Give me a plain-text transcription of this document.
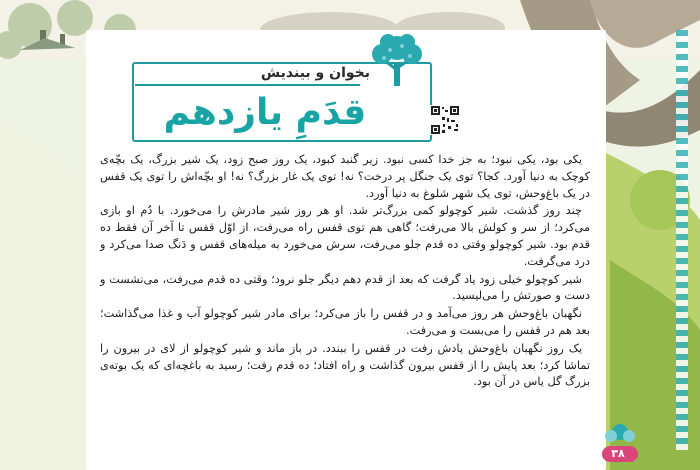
بخوان و بیندیش
قدَمِ یازدهم

یکی بود، یکی نبود؛ به جز خدا کسی نبود. زیر گنبد کبود، یک روز صبح زود، یک شیر بزرگ، یک بچّه‌ی کوچک به دنیا آورد. کجا؟ توی یک جنگل پر درخت؟ نه! توی یک غار بزرگ؟ نه! او بچّه‌اش را توی یک قفس در یک باغ‌وحش، توی یک شهر شلوغ به دنیا آورد.

چند روز گذشت. شیر کوچولو کمی بزرگ‌تر شد. او هر روز شیر مادرش را می‌خورد. با دُم او بازی می‌کرد؛ از سر و کولش بالا می‌رفت؛ گاهی هم توی قفس راه می‌رفت، از اوّل قفس تا آخر آن فقط ده قدم بود. شیر کوچولو وقتی ده قدم جلو می‌رفت، سرش می‌خورد به میله‌های قفس و دَنگ صدا می‌کرد و درد می‌گرفت.

شیر کوچولو خیلی زود یاد گرفت که بعد از قدم دهم دیگر جلو نرود؛ وقتی ده قدم می‌رفت، می‌نشست و دست و صورتش را می‌لیسید.

نگهبان باغ‌وحش هر روز می‌آمد و در قفس را باز می‌کرد؛ برای مادر شیر کوچولو آب و غذا می‌گذاشت؛ بعد هم در قفس را می‌بست و می‌رفت.

یک روز نگهبان باغ‌وحش یادش رفت در قفس را ببندد. در باز ماند و شیر کوچولو از لای در بیرون را تماشا کرد؛ بعد پایش را از قفس بیرون گذاشت و راه افتاد؛ ده قدم رفت؛ رسید به باغچه‌ای که یک بوته‌ی بزرگ گل یاس در آن بود.

۳۸
